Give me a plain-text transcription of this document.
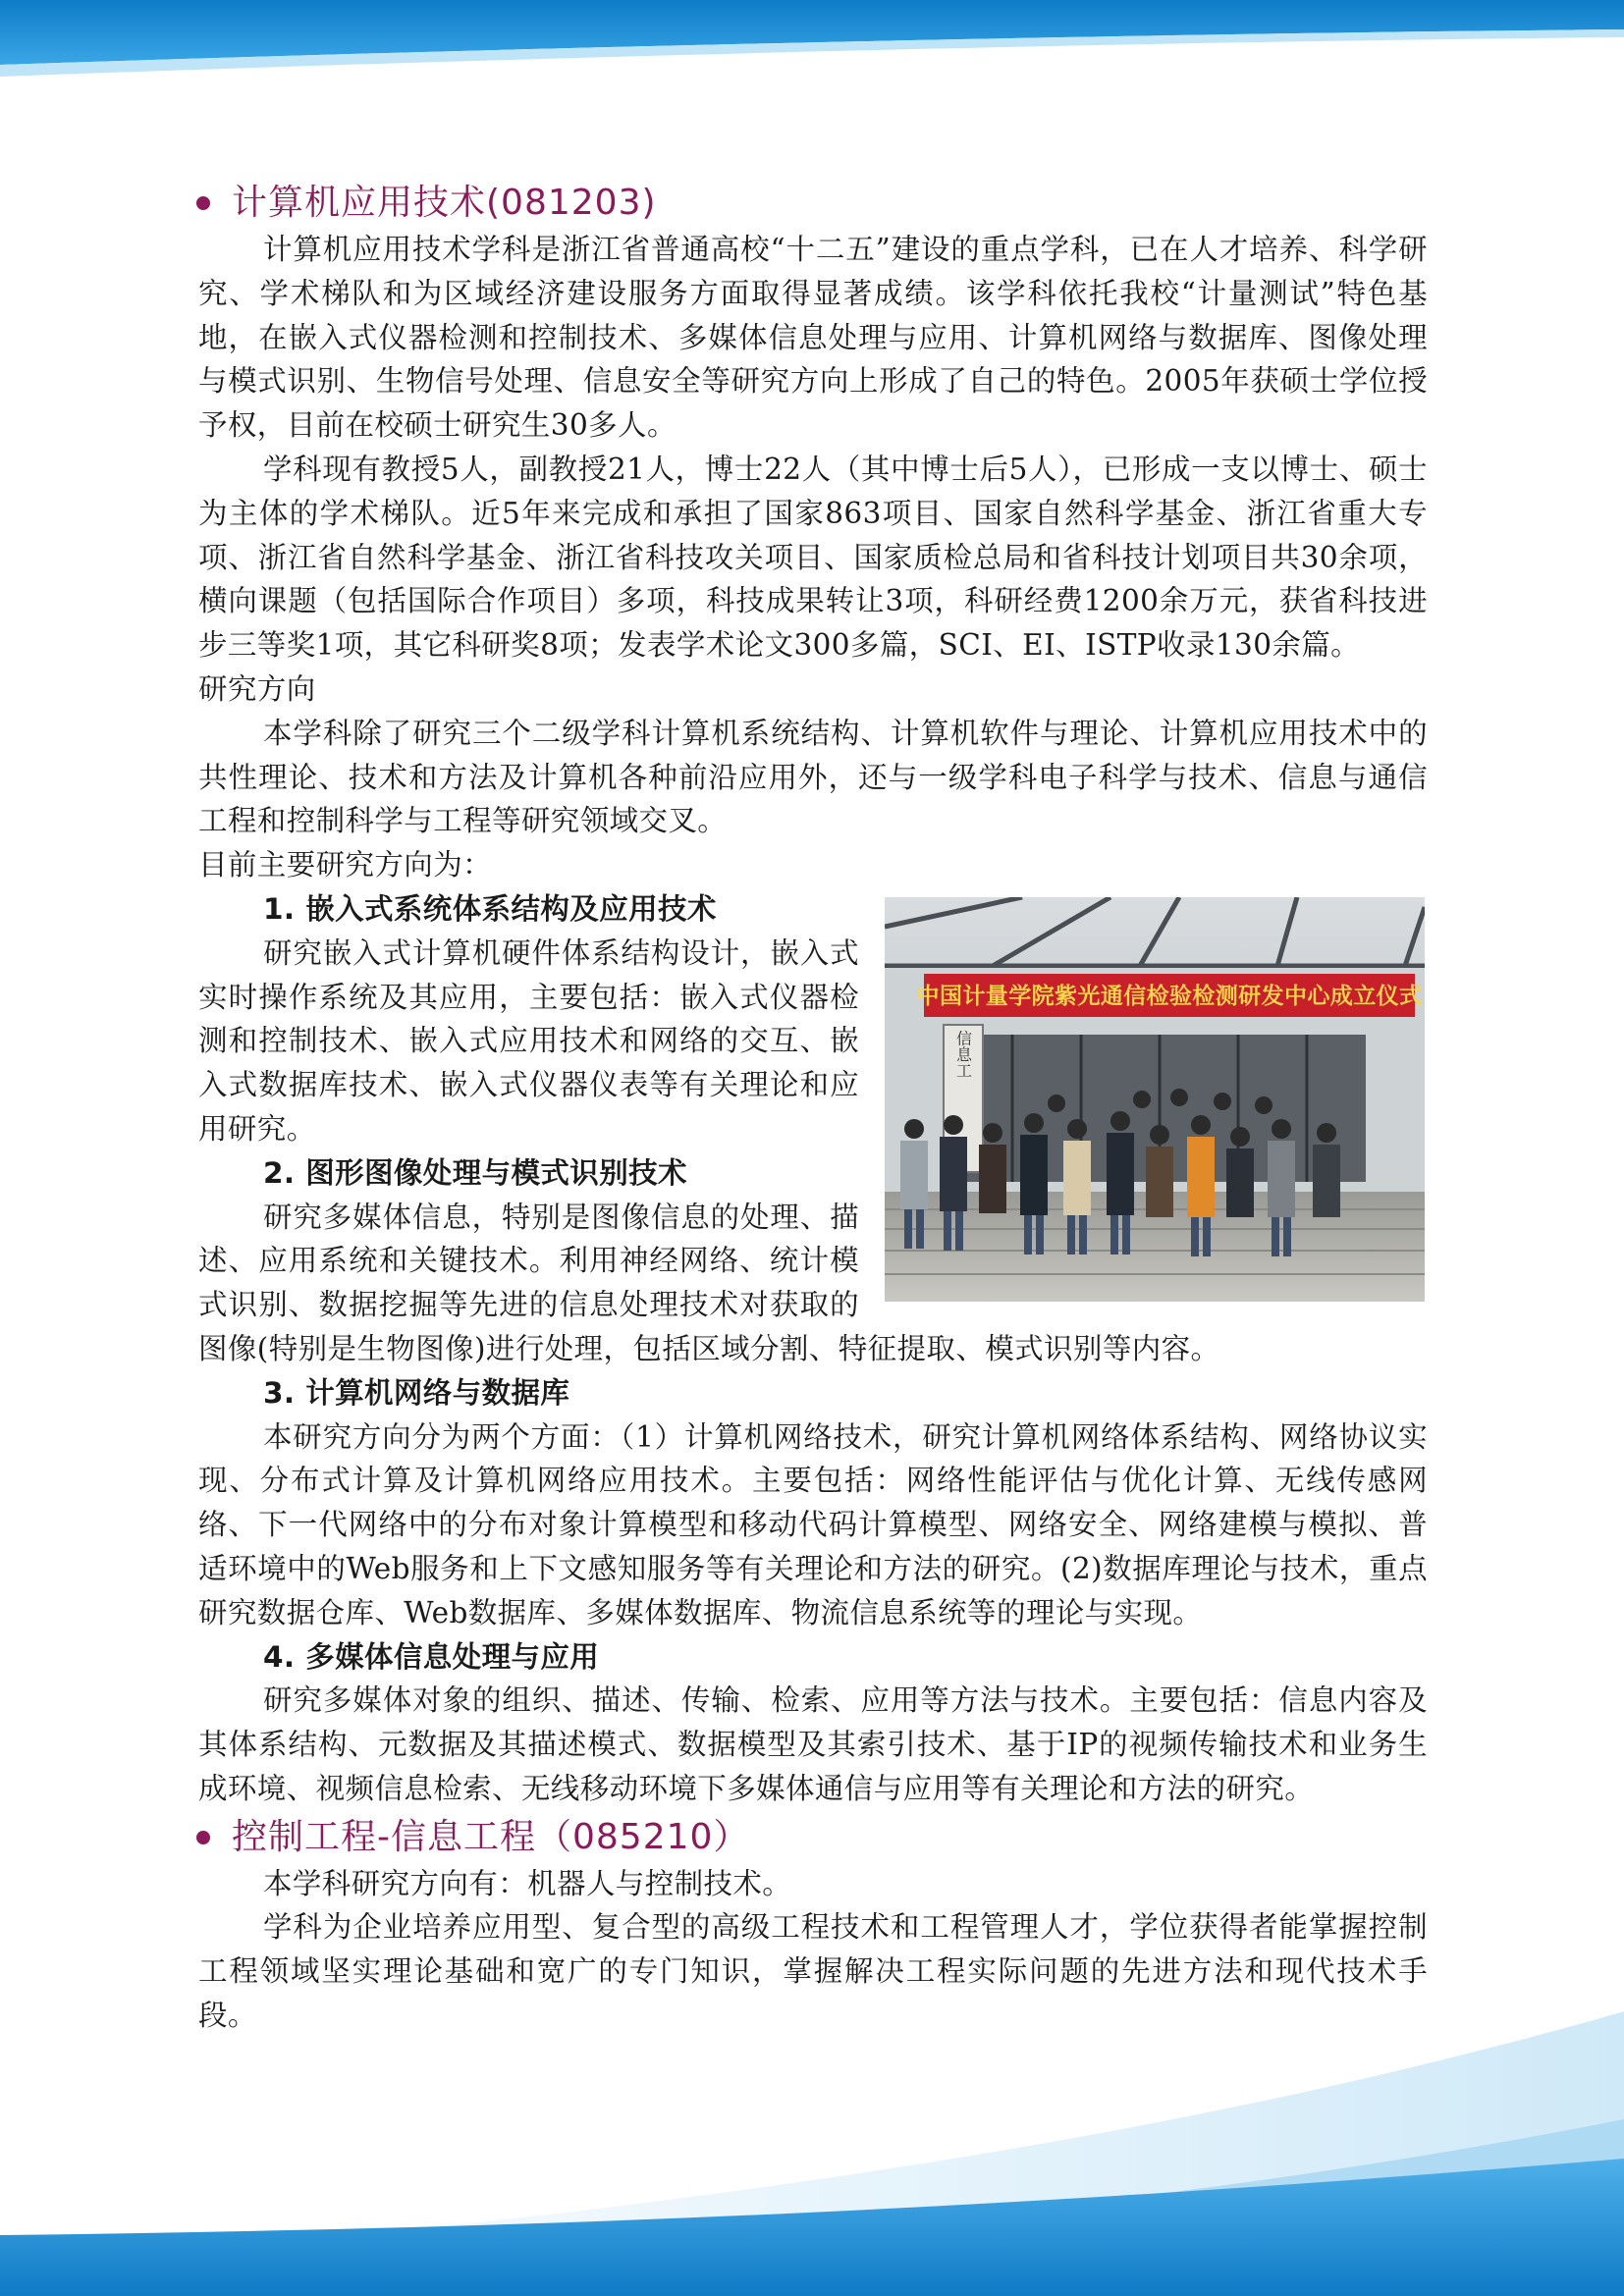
计算机应用技术(081203)

计算机应用技术学科是浙江省普通高校“十二五”建设的重点学科，已在人才培养、科学研究、学术梯队和为区域经济建设服务方面取得显著成绩。该学科依托我校“计量测试”特色基地，在嵌入式仪器检测和控制技术、多媒体信息处理与应用、计算机网络与数据库、图像处理与模式识别、生物信号处理、信息安全等研究方向上形成了自己的特色。2005年获硕士学位授予权，目前在校硕士研究生30多人。

学科现有教授5人，副教授21人，博士22人（其中博士后5人），已形成一支以博士、硕士为主体的学术梯队。近5年来完成和承担了国家863项目、国家自然科学基金、浙江省重大专项、浙江省自然科学基金、浙江省科技攻关项目、国家质检总局和省科技计划项目共30余项，横向课题（包括国际合作项目）多项，科技成果转让3项，科研经费1200余万元，获省科技进步三等奖1项，其它科研奖8项；发表学术论文300多篇，SCI、EI、ISTP收录130余篇。

研究方向

本学科除了研究三个二级学科计算机系统结构、计算机软件与理论、计算机应用技术中的共性理论、技术和方法及计算机各种前沿应用外，还与一级学科电子科学与技术、信息与通信工程和控制科学与工程等研究领域交叉。

目前主要研究方向为：

信息工
中国计量学院紫光通信检验检测研发中心成立仪式

1. 嵌入式系统体系结构及应用技术

研究嵌入式计算机硬件体系结构设计，嵌入式实时操作系统及其应用，主要包括：嵌入式仪器检测和控制技术、嵌入式应用技术和网络的交互、嵌入式数据库技术、嵌入式仪器仪表等有关理论和应用研究。

2. 图形图像处理与模式识别技术

研究多媒体信息，特别是图像信息的处理、描述、应用系统和关键技术。利用神经网络、统计模式识别、数据挖掘等先进的信息处理技术对获取的图像(特别是生物图像)进行处理，包括区域分割、特征提取、模式识别等内容。

3. 计算机网络与数据库

本研究方向分为两个方面：（1）计算机网络技术，研究计算机网络体系结构、网络协议实现、分布式计算及计算机网络应用技术。主要包括：网络性能评估与优化计算、无线传感网络、下一代网络中的分布对象计算模型和移动代码计算模型、网络安全、网络建模与模拟、普适环境中的Web服务和上下文感知服务等有关理论和方法的研究。(2)数据库理论与技术，重点研究数据仓库、Web数据库、多媒体数据库、物流信息系统等的理论与实现。

4. 多媒体信息处理与应用

研究多媒体对象的组织、描述、传输、检索、应用等方法与技术。主要包括：信息内容及其体系结构、元数据及其描述模式、数据模型及其索引技术、基于IP的视频传输技术和业务生成环境、视频信息检索、无线移动环境下多媒体通信与应用等有关理论和方法的研究。

控制工程-信息工程（085210）

本学科研究方向有：机器人与控制技术。

学科为企业培养应用型、复合型的高级工程技术和工程管理人才，学位获得者能掌握控制工程领域坚实理论基础和宽广的专门知识，掌握解决工程实际问题的先进方法和现代技术手段。
